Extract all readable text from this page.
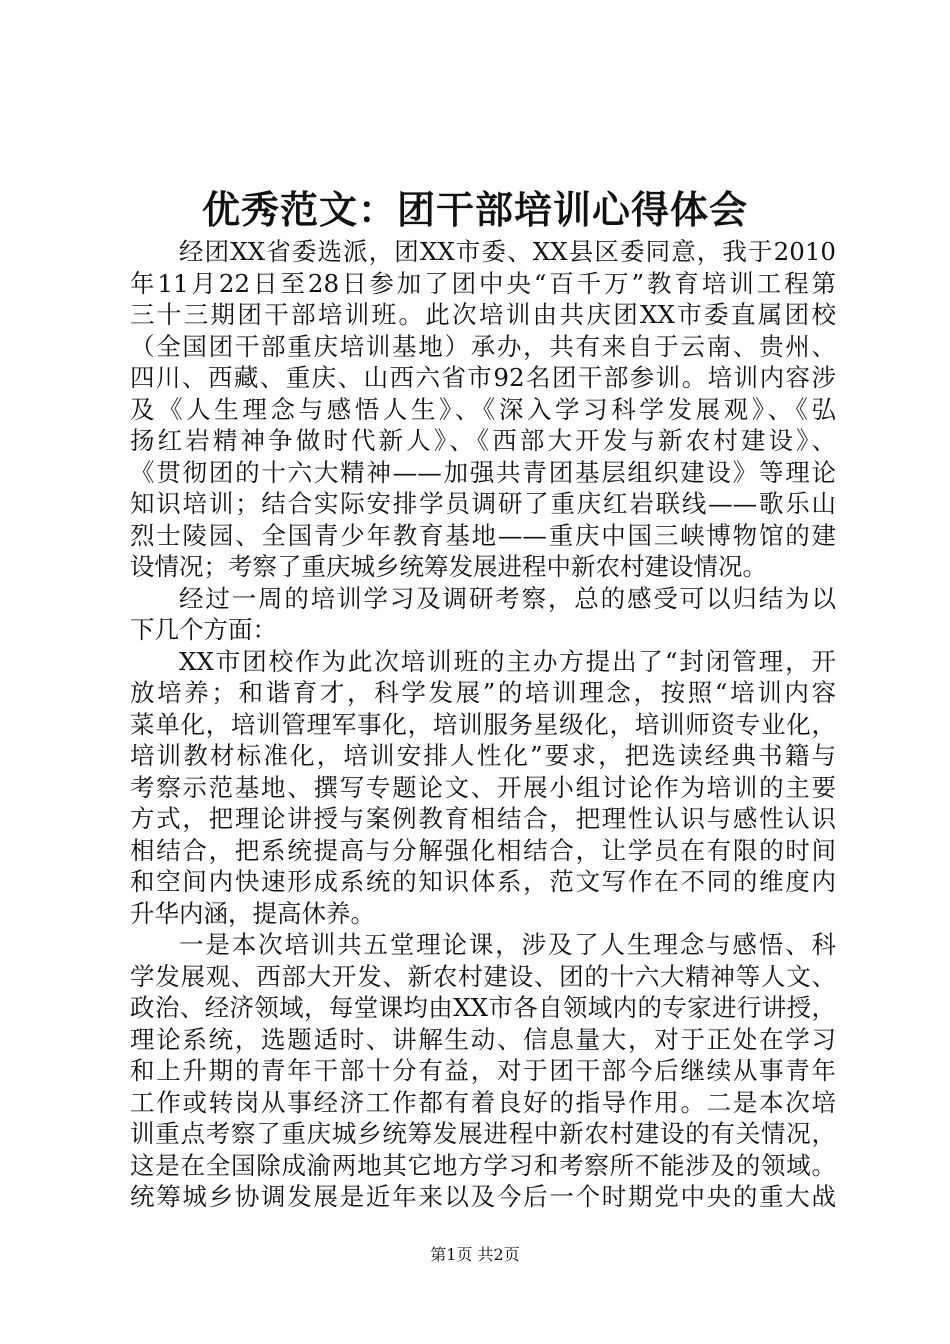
优秀范文：团干部培训心得体会
经团XX省委选派，团XX市委、XX县区委同意，我于2010
年11月22日至28日参加了团中央“百千万”教育培训工程第
三十三期团干部培训班。此次培训由共庆团XX市委直属团校
（全国团干部重庆培训基地）承办，共有来自于云南、贵州、
四川、西藏、重庆、山西六省市92名团干部参训。培训内容涉
及《人生理念与感悟人生》、《深入学习科学发展观》、《弘
扬红岩精神争做时代新人》、《西部大开发与新农村建设》、
《贯彻团的十六大精神——加强共青团基层组织建设》等理论
知识培训；结合实际安排学员调研了重庆红岩联线——歌乐山
烈士陵园、全国青少年教育基地——重庆中国三峡博物馆的建
设情况；考察了重庆城乡统筹发展进程中新农村建设情况。
经过一周的培训学习及调研考察，总的感受可以归结为以
下几个方面：
XX市团校作为此次培训班的主办方提出了“封闭管理，开
放培养；和谐育才，科学发展”的培训理念，按照“培训内容
菜单化，培训管理军事化，培训服务星级化，培训师资专业化，
培训教材标准化，培训安排人性化”要求，把选读经典书籍与
考察示范基地、撰写专题论文、开展小组讨论作为培训的主要
方式，把理论讲授与案例教育相结合，把理性认识与感性认识
相结合，把系统提高与分解强化相结合，让学员在有限的时间
和空间内快速形成系统的知识体系，范文写作在不同的维度内
升华内涵，提高休养。
一是本次培训共五堂理论课，涉及了人生理念与感悟、科
学发展观、西部大开发、新农村建设、团的十六大精神等人文、
政治、经济领域，每堂课均由XX市各自领域内的专家进行讲授，
理论系统，选题适时、讲解生动、信息量大，对于正处在学习
和上升期的青年干部十分有益，对于团干部今后继续从事青年
工作或转岗从事经济工作都有着良好的指导作用。二是本次培
训重点考察了重庆城乡统筹发展进程中新农村建设的有关情况，
这是在全国除成渝两地其它地方学习和考察所不能涉及的领域。
统筹城乡协调发展是近年来以及今后一个时期党中央的重大战
第1页 共2页
